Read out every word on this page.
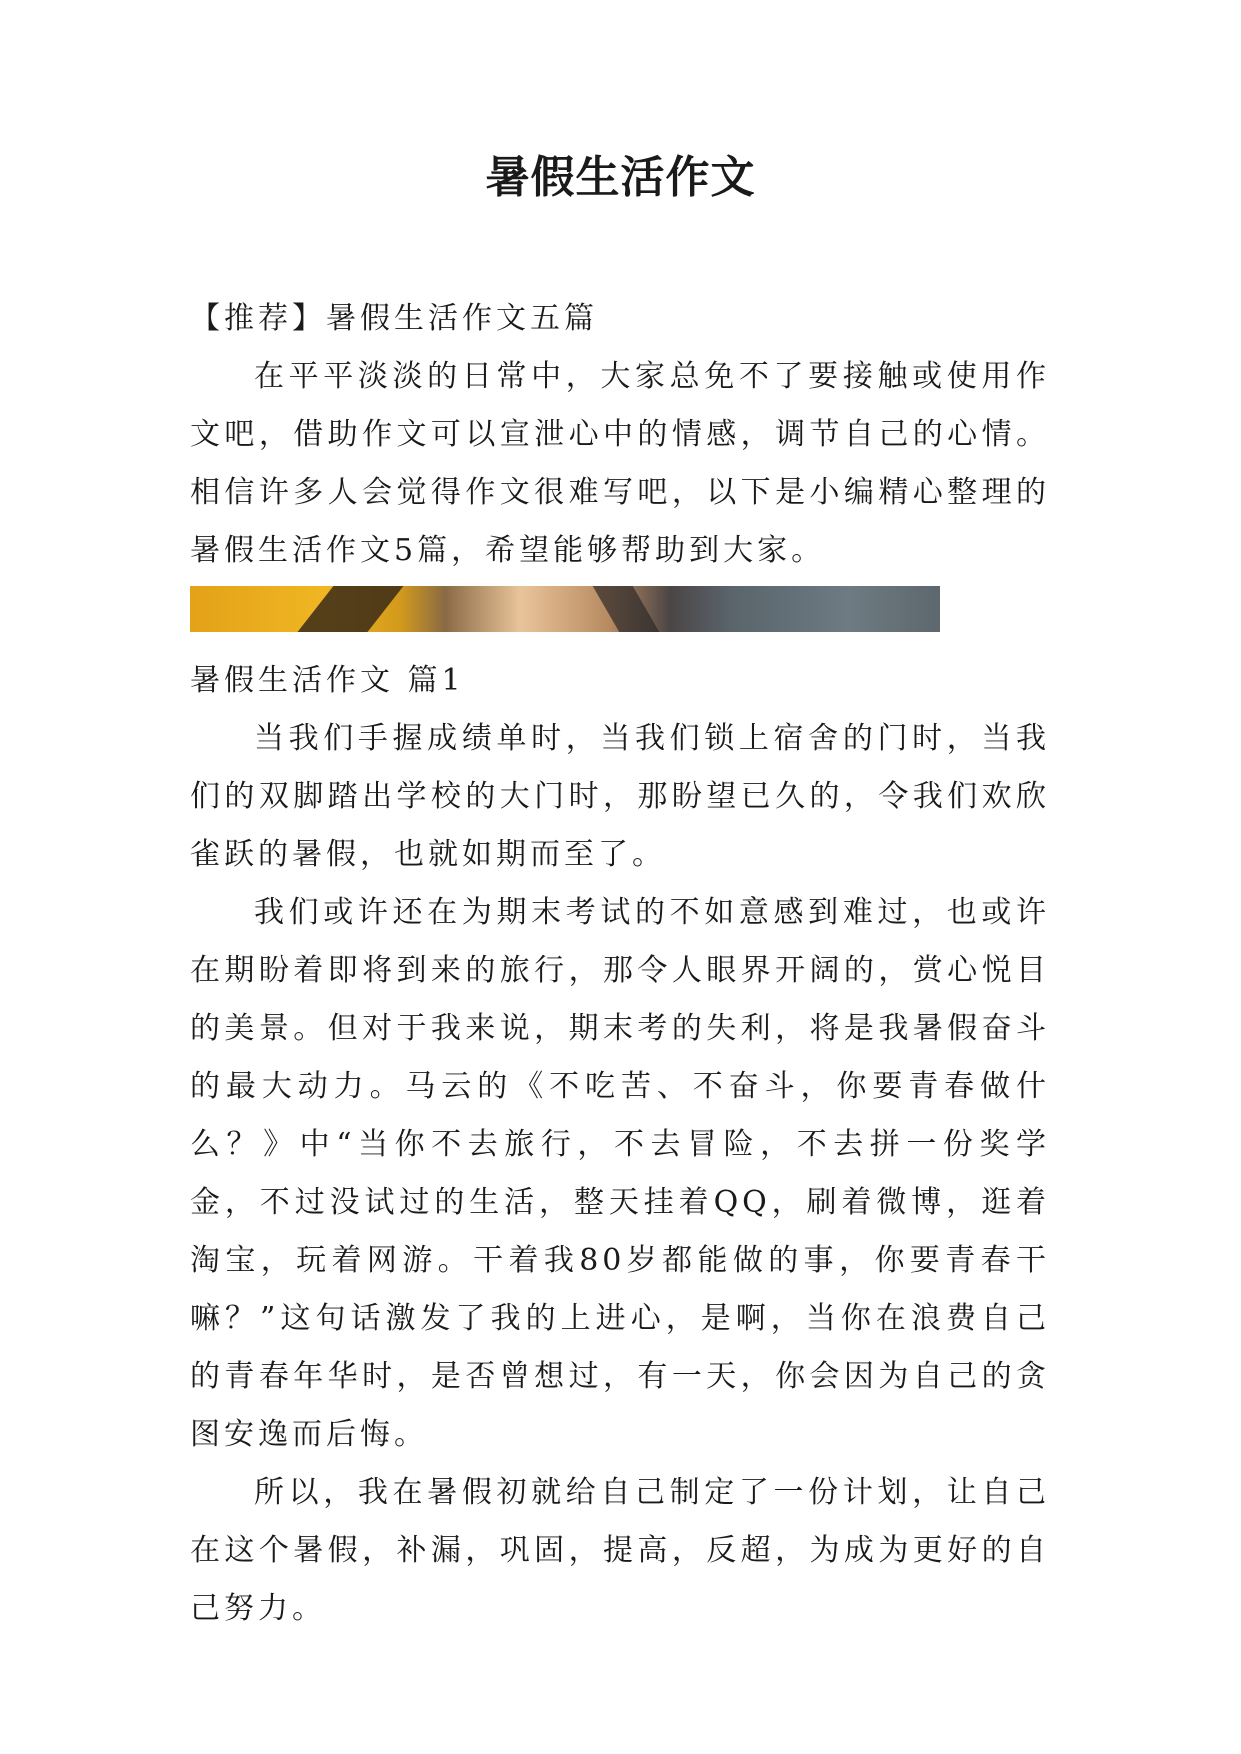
暑假生活作文

【推荐】暑假生活作文五篇

在平平淡淡的日常中，大家总免不了要接触或使用作文吧，借助作文可以宣泄心中的情感，调节自己的心情。相信许多人会觉得作文很难写吧，以下是小编精心整理的暑假生活作文5篇，希望能够帮助到大家。

暑假生活作文 篇1

当我们手握成绩单时，当我们锁上宿舍的门时，当我们的双脚踏出学校的大门时，那盼望已久的，令我们欢欣雀跃的暑假，也就如期而至了。

我们或许还在为期末考试的不如意感到难过，也或许在期盼着即将到来的旅行，那令人眼界开阔的，赏心悦目的美景。但对于我来说，期末考的失利，将是我暑假奋斗的最大动力。马云的《不吃苦、不奋斗，你要青春做什么？》中“当你不去旅行，不去冒险，不去拼一份奖学金，不过没试过的生活，整天挂着QQ，刷着微博，逛着淘宝，玩着网游。干着我80岁都能做的事，你要青春干嘛？”这句话激发了我的上进心，是啊，当你在浪费自己的青春年华时，是否曾想过，有一天，你会因为自己的贪图安逸而后悔。

所以，我在暑假初就给自己制定了一份计划，让自己在这个暑假，补漏，巩固，提高，反超，为成为更好的自己努力。
